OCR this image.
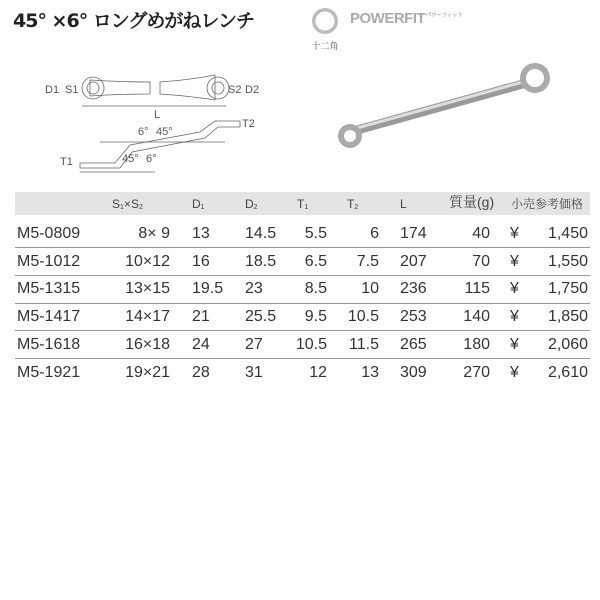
45° ×6° ロングめがねレンチ
十二角
$POWERFIT^{パワーフィット}$
D1 S1	S2 D2
L
T2
T1
6° 45°
45° 6°
$S_1\times S_2$	$D_1$	$D_2$	$T_1$	$T_2$	L	質量(g) 小売参考価格
M5-0809	8× 9 13 14.5 5.5	6 174	40 ¥ 1,450
M5-1012	10×12 16 18.5 6.5 7.5 207	70 ¥ 1,550
M5-1315	13×15 19.5 23	8.5 10 236 115 ¥ 1,750
M5-1417	14×17 21 25.5 9.5 10.5 253 140 ¥ 1,850
M5-1618	16×18 24 27 10.5 11.5 265 180 ¥ 2,060
M5-1921	19×21 28 31	12 13 309 270 ¥ 2,610
